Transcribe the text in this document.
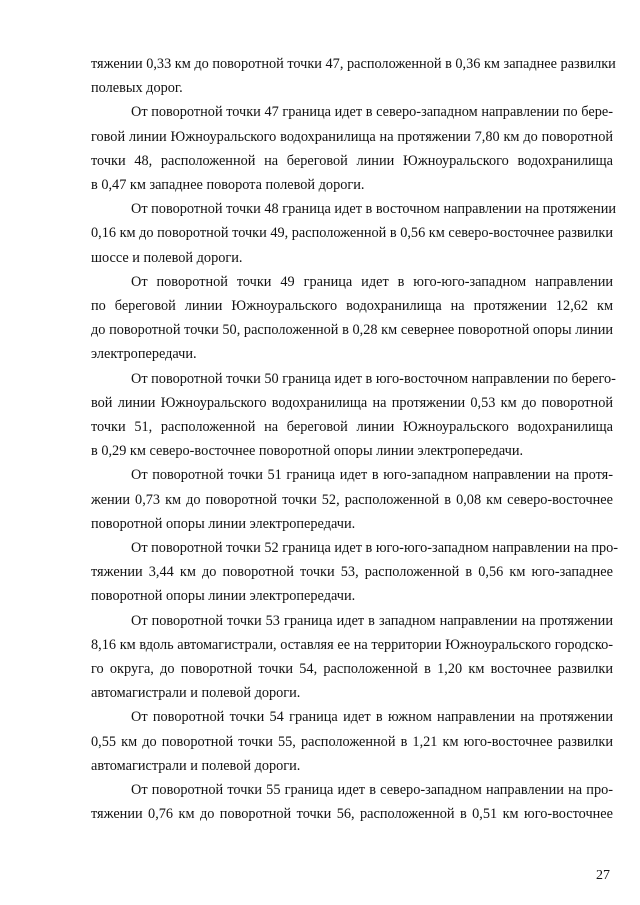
тяжении 0,33 км до поворотной точки 47, расположенной в 0,36 км западнее развилки
полевых дорог.
От поворотной точки 47 граница идет в северо-западном направлении по бере-
говой линии Южноуральского водохранилища на протяжении 7,80 км до поворотной
точки 48, расположенной на береговой линии Южноуральского водохранилища
в 0,47 км западнее поворота полевой дороги.
От поворотной точки 48 граница идет в восточном направлении на протяжении
0,16 км до поворотной точки 49, расположенной в 0,56 км северо-восточнее развилки
шоссе и полевой дороги.
От поворотной точки 49 граница идет в юго-юго-западном направлении
по береговой линии Южноуральского водохранилища на протяжении 12,62 км
до поворотной точки 50, расположенной в 0,28 км севернее поворотной опоры линии
электропередачи.
От поворотной точки 50 граница идет в юго-восточном направлении по берего-
вой линии Южноуральского водохранилища на протяжении 0,53 км до поворотной
точки 51, расположенной на береговой линии Южноуральского водохранилища
в 0,29 км северо-восточнее поворотной опоры линии электропередачи.
От поворотной точки 51 граница идет в юго-западном направлении на протя-
жении 0,73 км до поворотной точки 52, расположенной в 0,08 км северо-восточнее
поворотной опоры линии электропередачи.
От поворотной точки 52 граница идет в юго-юго-западном направлении на про-
тяжении 3,44 км до поворотной точки 53, расположенной в 0,56 км юго-западнее
поворотной опоры линии электропередачи.
От поворотной точки 53 граница идет в западном направлении на протяжении
8,16 км вдоль автомагистрали, оставляя ее на территории Южноуральского городско-
го округа, до поворотной точки 54, расположенной в 1,20 км восточнее развилки
автомагистрали и полевой дороги.
От поворотной точки 54 граница идет в южном направлении на протяжении
0,55 км до поворотной точки 55, расположенной в 1,21 км юго-восточнее развилки
автомагистрали и полевой дороги.
От поворотной точки 55 граница идет в северо-западном направлении на про-
тяжении 0,76 км до поворотной точки 56, расположенной в 0,51 км юго-восточнее
27
